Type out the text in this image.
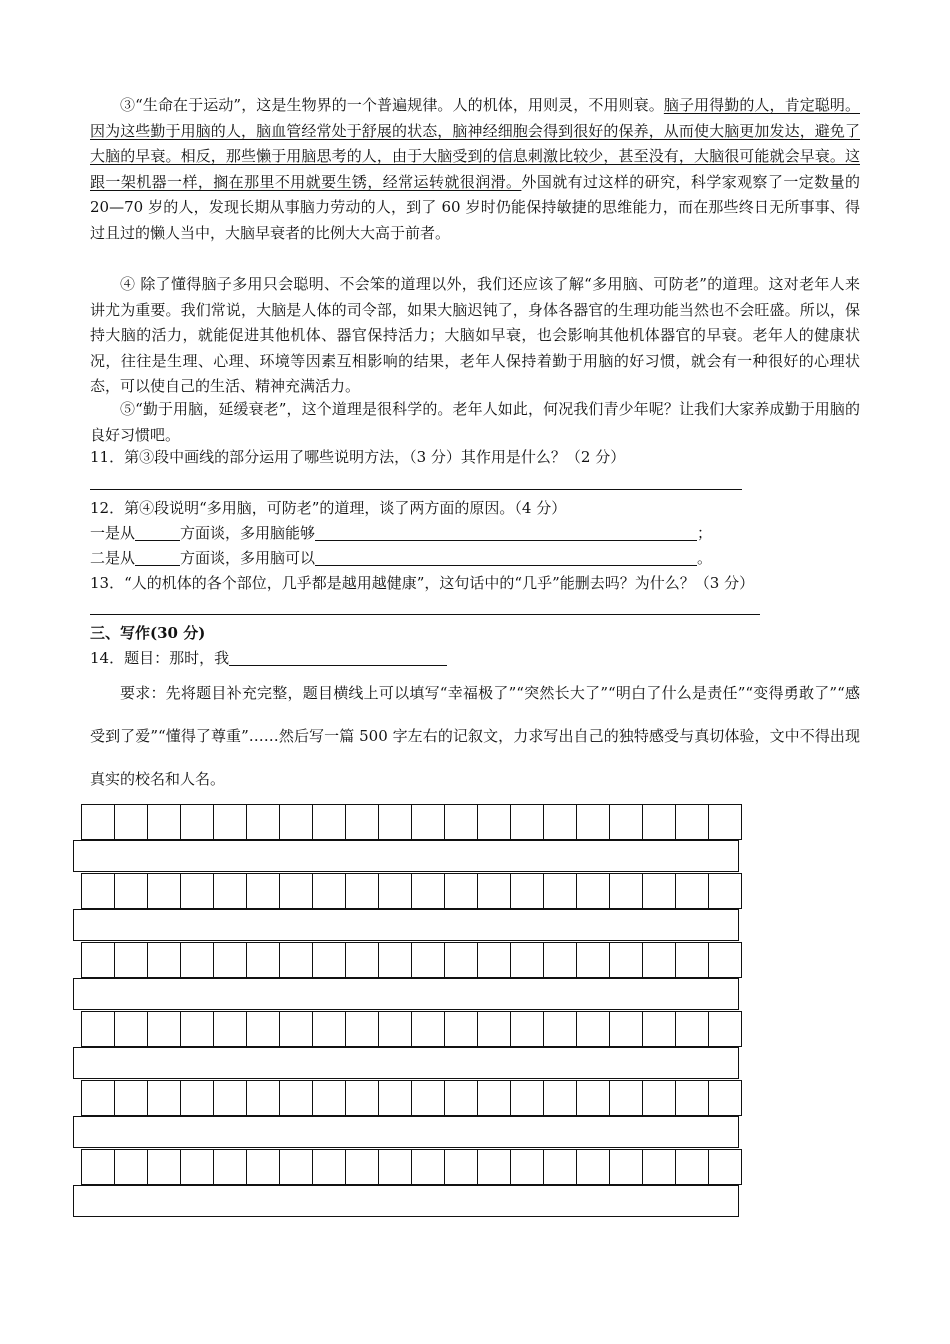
③“生命在于运动”，这是生物界的一个普遍规律。人的机体，用则灵，不用则衰。脑子用得勤的人，肯定聪明。因为这些勤于用脑的人，脑血管经常处于舒展的状态，脑神经细胞会得到很好的保养，从而使大脑更加发达，避免了大脑的早衰。相反，那些懒于用脑思考的人，由于大脑受到的信息刺激比较少，甚至没有，大脑很可能就会早衰。这跟一架机器一样，搁在那里不用就要生锈，经常运转就很润滑。外国就有过这样的研究，科学家观察了一定数量的 20—70 岁的人，发现长期从事脑力劳动的人，到了 60 岁时仍能保持敏捷的思维能力，而在那些终日无所事事、得过且过的懒人当中，大脑早衰者的比例大大高于前者。

④ 除了懂得脑子多用只会聪明、不会笨的道理以外，我们还应该了解“多用脑、可防老”的道理。这对老年人来讲尤为重要。我们常说，大脑是人体的司令部，如果大脑迟钝了，身体各器官的生理功能当然也不会旺盛。所以，保持大脑的活力，就能促进其他机体、器官保持活力；大脑如早衰，也会影响其他机体器官的早衰。老年人的健康状况，往往是生理、心理、环境等因素互相影响的结果，老年人保持着勤于用脑的好习惯，就会有一种很好的心理状态，可以使自己的生活、精神充满活力。

⑤“勤于用脑，延缓衰老”，这个道理是很科学的。老年人如此，何况我们青少年呢？让我们大家养成勤于用脑的良好习惯吧。

11．第③段中画线的部分运用了哪些说明方法，（3 分）其作用是什么？（2 分）
12．第④段说明“多用脑，可防老”的道理，谈了两方面的原因。（4 分）
一是从	方面谈，多用脑能够	；
二是从	方面谈，多用脑可以	。
13．“人的机体的各个部位，几乎都是越用越健康”，这句话中的“几乎”能删去吗？为什么？（3 分）
三、写作(30 分)
14．题目：那时，我

要求：先将题目补充完整，题目横线上可以填写“幸福极了”“突然长大了”“明白了什么是责任”“变得勇敢了”“感受到了爱”“懂得了尊重”……然后写一篇 500 字左右的记叙文，力求写出自己的独特感受与真切体验，文中不得出现真实的校名和人名。
